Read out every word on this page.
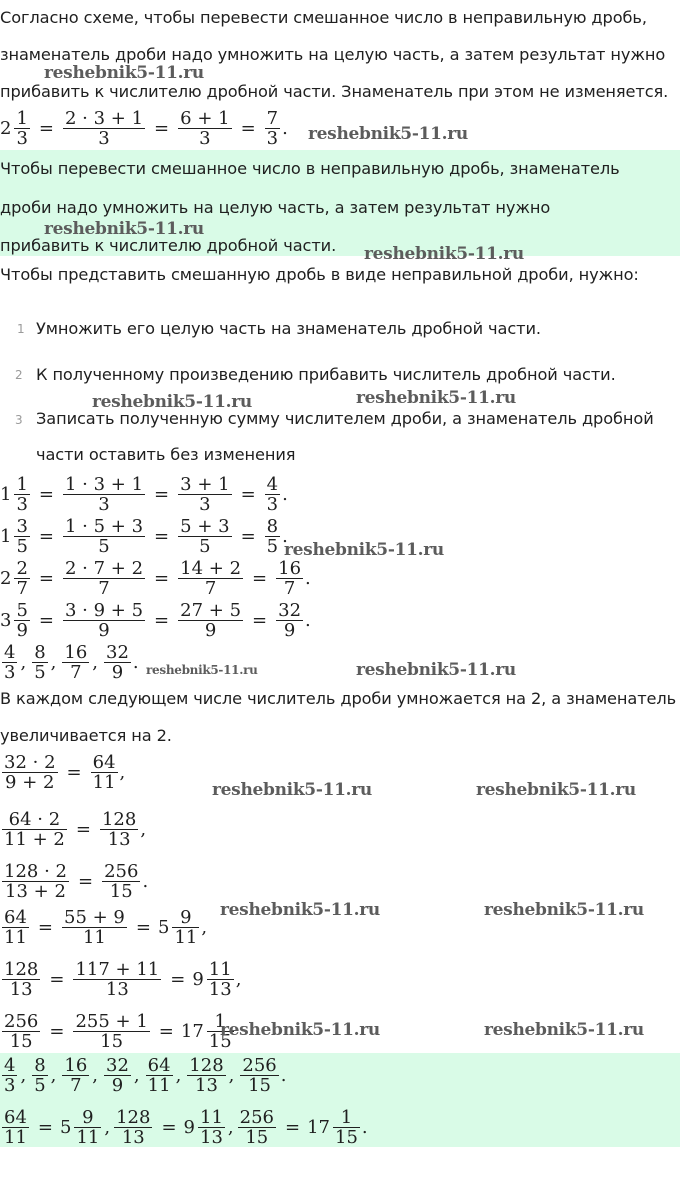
Согласно схеме, чтобы перевести смешанное число в неправильную дробь,
знаменатель дроби надо умножить на целую часть, а затем результат нужно
прибавить к числителю дробной части. Знаменатель при этом не изменяется.
2 1
3 = 2 · 3 + 1
3 = 6 + 1
3 = 7
3 .
Чтобы перевести смешанное число в неправильную дробь, знаменатель
дроби надо умножить на целую часть, а затем результат нужно
прибавить к числителю дробной части.
Чтобы представить смешанную дробь в виде неправильной дроби, нужно:
1 Умножить его целую часть на знаменатель дробной части.
2 К полученному произведению прибавить числитель дробной части.
3 Записать полученную сумму числителем дроби, а знаменатель дробной
части оставить без изменения
1 1
3 = 1 · 3 + 1
3 = 3 + 1
3 = 4
3 .
1 3
5 = 1 · 5 + 3
5 = 5 + 3
5 = 8
5 .
2 2
7 = 2 · 7 + 2
7 = 14 + 2
7 = 16
7 .
3 5
9 = 3 · 9 + 5
9 = 27 + 5
9 = 32
9 .
4
3 , 8
5 , 16
7 , 32
9 .
В каждом следующем числе числитель дроби умножается на 2, а знаменатель
увеличивается на 2.
32 · 2
9 + 2 = 64
11 ,
64 · 2
11 + 2 = 128
13 ,
128 · 2
13 + 2 = 256
15 .
64
11 = 55 + 9
11 = 5 9
11 ,
128
13 = 117 + 11
13 = 9 11
13 ,
256
15 = 255 + 1
15 = 17 1
15
4
3 , 8
5 , 16
7 , 32
9 , 64
11 , 128
13 , 256
15 .
64
11 = 5 9
11 , 128
13 = 9 11
13 , 256
15 = 17 1
15 .
reshebnik5-11.ru
reshebnik5-11.ru
reshebnik5-11.ru
reshebnik5-11.ru
reshebnik5-11.ru	reshebnik5-11.ru
reshebnik5-11.ru
reshebnik5-11.ru	reshebnik5-11.ru
reshebnik5-11.ru	reshebnik5-11.ru
reshebnik5-11.ru	reshebnik5-11.ru
reshebnik5-11.ru	reshebnik5-11.ru
